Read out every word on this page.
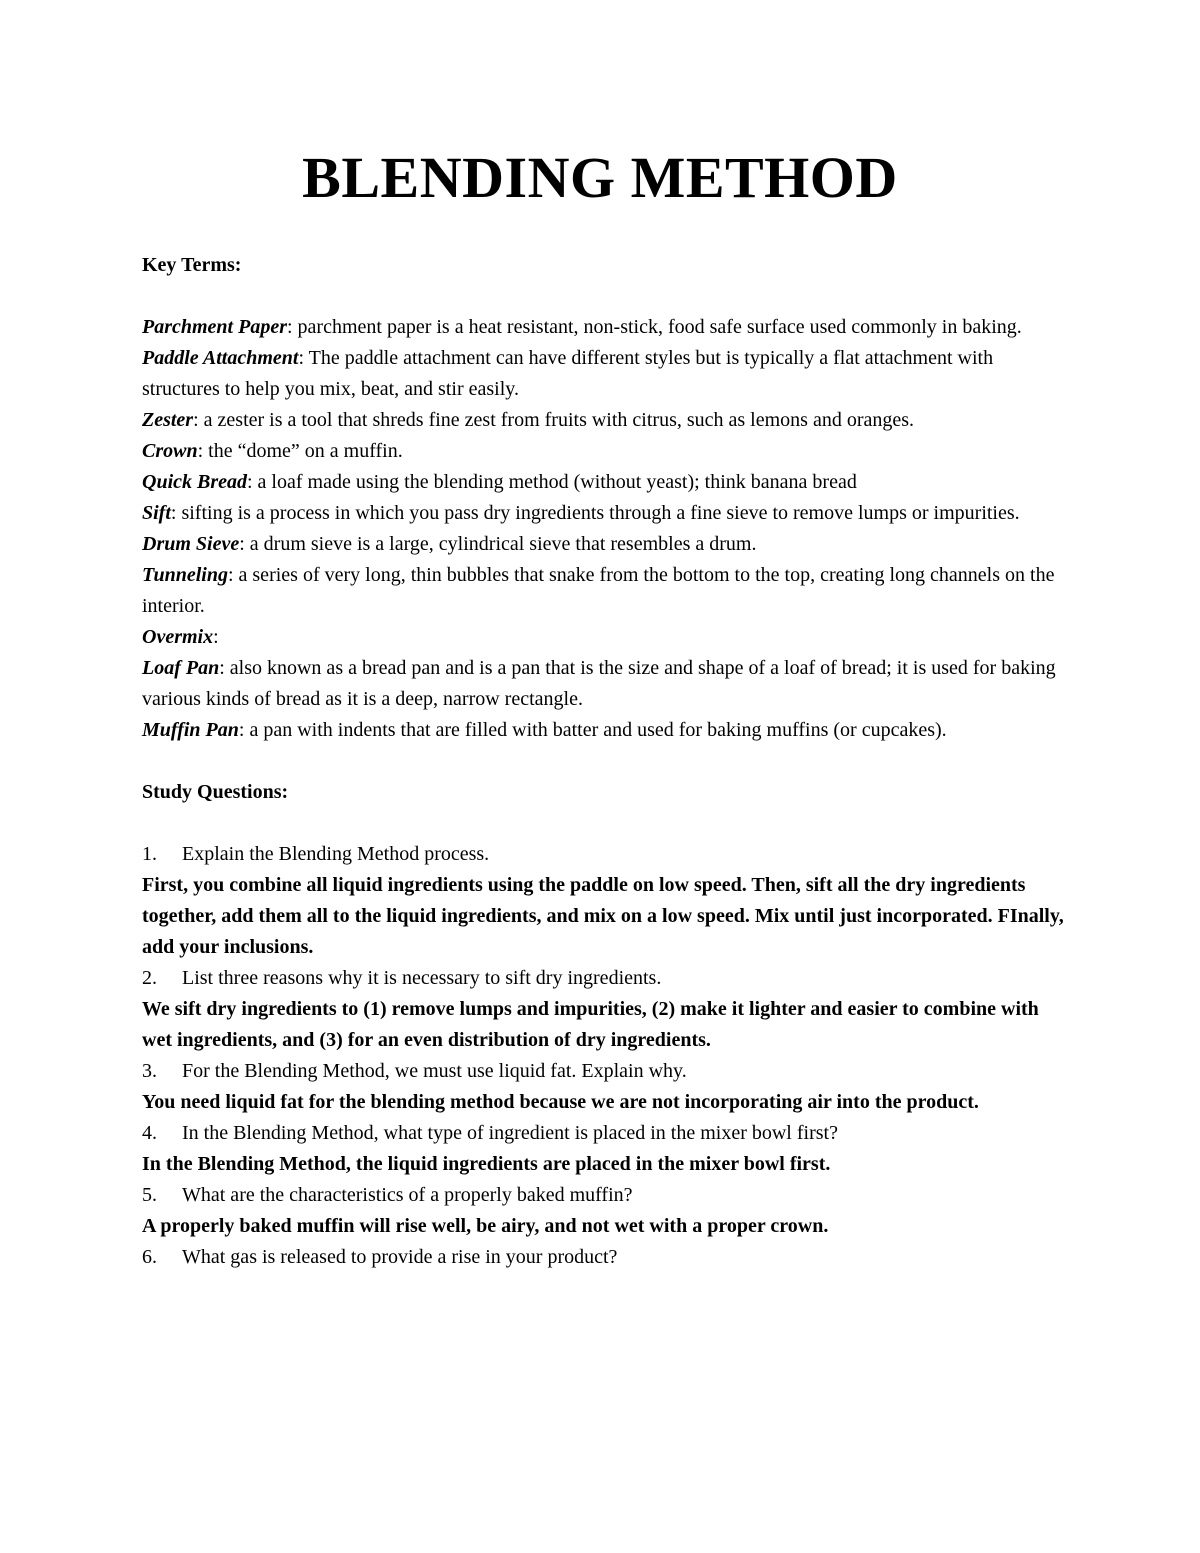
BLENDING METHOD

Key Terms:

Parchment Paper: parchment paper is a heat resistant, non-stick, food safe surface used commonly in baking.

Paddle Attachment: The paddle attachment can have different styles but is typically a flat attachment with structures to help you mix, beat, and stir easily.

Zester: a zester is a tool that shreds fine zest from fruits with citrus, such as lemons and oranges.

Crown: the “dome” on a muffin.

Quick Bread: a loaf made using the blending method (without yeast); think banana bread

Sift: sifting is a process in which you pass dry ingredients through a fine sieve to remove lumps or impurities.

Drum Sieve: a drum sieve is a large, cylindrical sieve that resembles a drum.

Tunneling: a series of very long, thin bubbles that snake from the bottom to the top, creating long channels on the interior.

Overmix:

Loaf Pan: also known as a bread pan and is a pan that is the size and shape of a loaf of bread; it is used for baking various kinds of bread as it is a deep, narrow rectangle.

Muffin Pan: a pan with indents that are filled with batter and used for baking muffins (or cupcakes).

Study Questions:

1.	Explain the Blending Method process.

First, you combine all liquid ingredients using the paddle on low speed. Then, sift all the dry ingredients together, add them all to the liquid ingredients, and mix on a low speed. Mix until just incorporated. FInally, add your inclusions.

2.	List three reasons why it is necessary to sift dry ingredients.

We sift dry ingredients to (1) remove lumps and impurities, (2) make it lighter and easier to combine with wet ingredients, and (3) for an even distribution of dry ingredients.

3.	For the Blending Method, we must use liquid fat. Explain why.

You need liquid fat for the blending method because we are not incorporating air into the product.

4.	In the Blending Method, what type of ingredient is placed in the mixer bowl first?

In the Blending Method, the liquid ingredients are placed in the mixer bowl first.

5.	What are the characteristics of a properly baked muffin?

A properly baked muffin will rise well, be airy, and not wet with a proper crown.

6.	What gas is released to provide a rise in your product?
